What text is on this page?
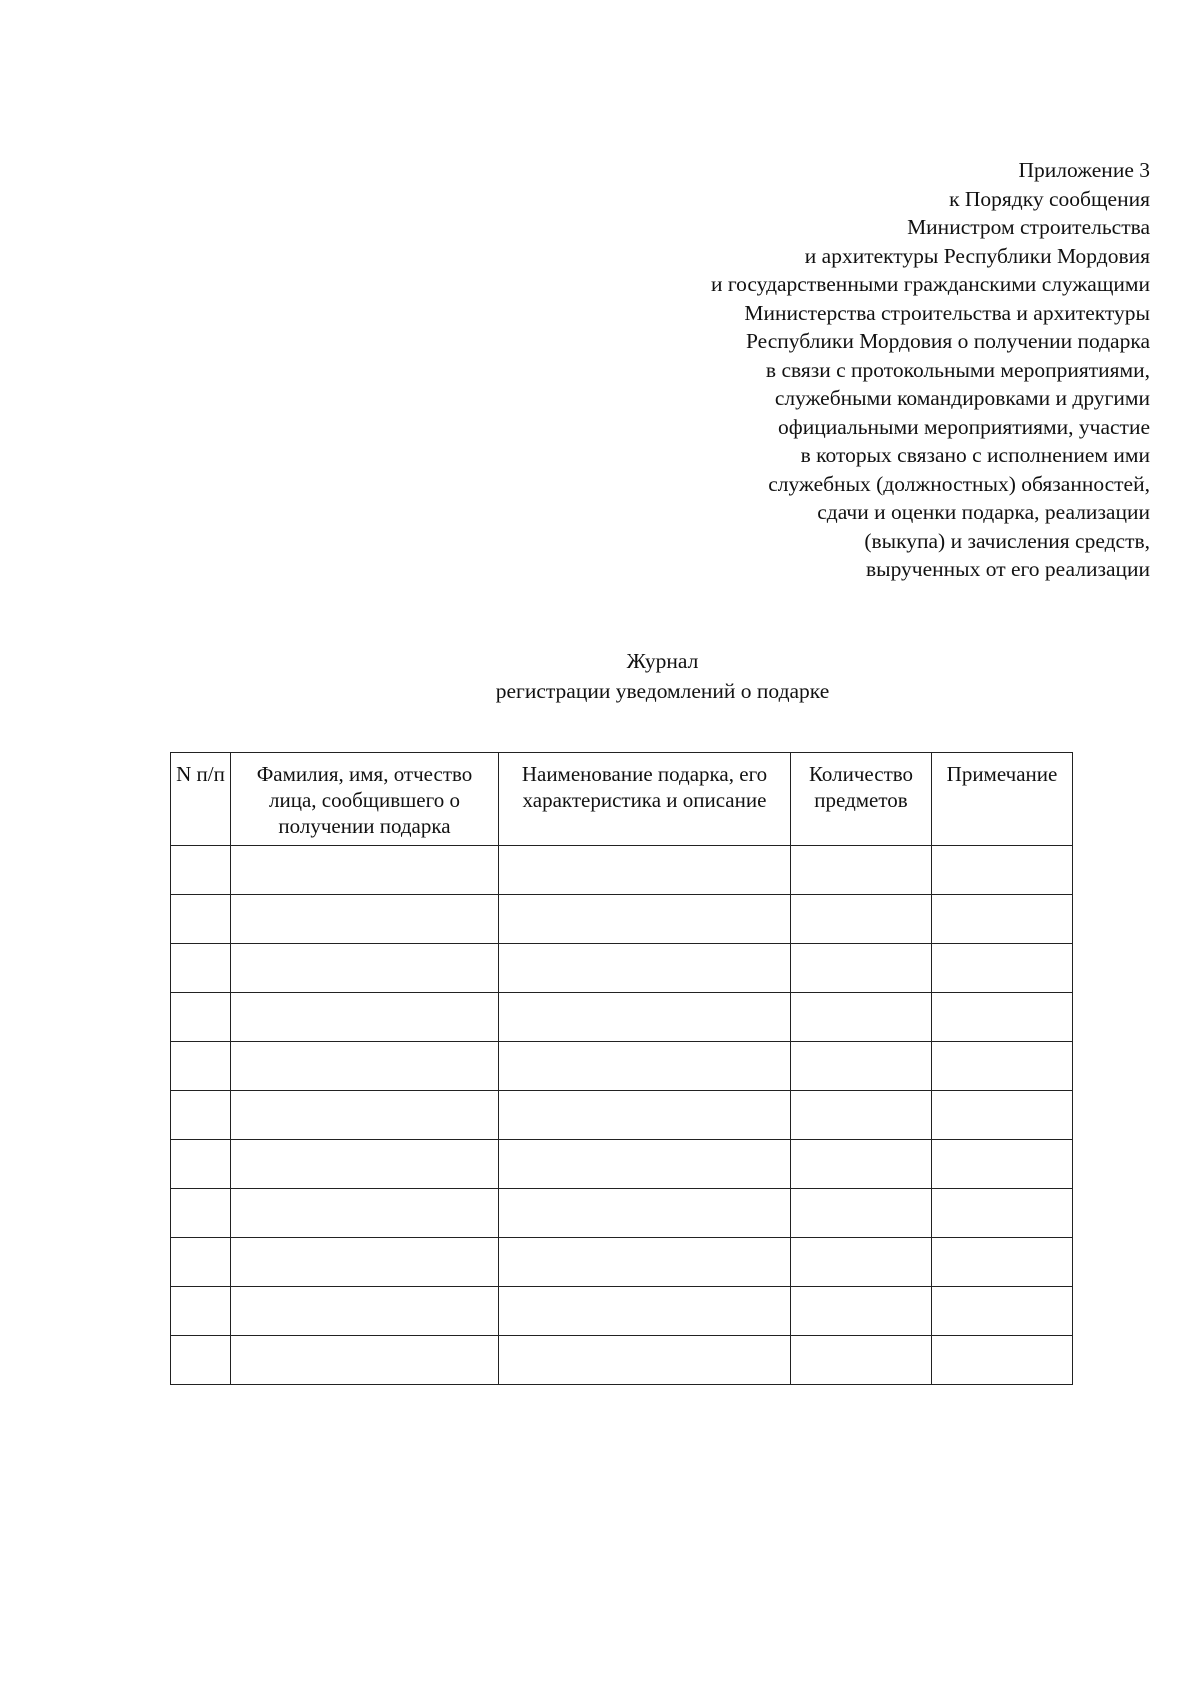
Приложение 3
к Порядку сообщения
Министром строительства
и архитектуры Республики Мордовия
и государственными гражданскими служащими
Министерства строительства и архитектуры
Республики Мордовия о получении подарка
в связи с протокольными мероприятиями,
служебными командировками и другими
официальными мероприятиями, участие
в которых связано с исполнением ими
служебных (должностных) обязанностей,
сдачи и оценки подарка, реализации
(выкупа) и зачисления средств,
вырученных от его реализации
Журнал
регистрации уведомлений о подарке
N п/п	Фамилия, имя, отчество лица, сообщившего о получении подарка	Наименование подарка, его характеристика и описание	Количество предметов	Примечание
